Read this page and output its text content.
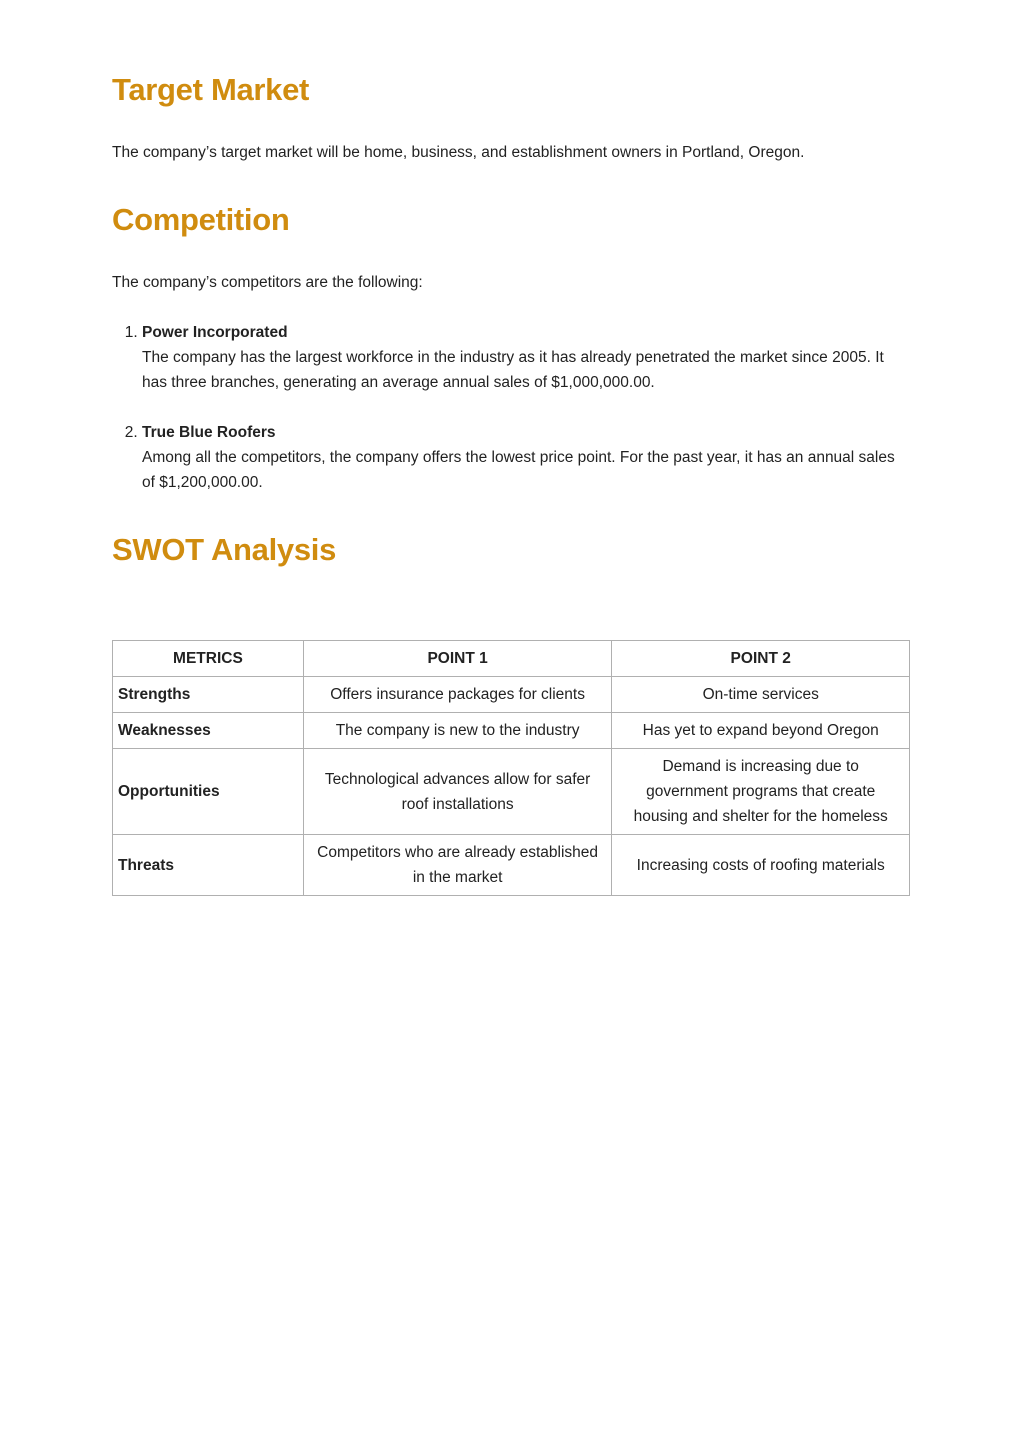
Target Market

The company’s target market will be home, business, and establishment owners in Portland, Oregon.

Competition

The company’s competitors are the following:

1. Power Incorporated
The company has the largest workforce in the industry as it has already penetrated the market since 2005. It has three branches, generating an average annual sales of $1,000,000.00.
2. True Blue Roofers
Among all the competitors, the company offers the lowest price point. For the past year, it has an annual sales of $1,200,000.00.
SWOT Analysis
METRICS	POINT 1	POINT 2
Strengths	Offers insurance packages for clients	On-time services
Weaknesses	The company is new to the industry	Has yet to expand beyond Oregon
Opportunities	Technological advances allow for safer roof installations	Demand is increasing due to government programs that create housing and shelter for the homeless
Threats	Competitors who are already established in the market	Increasing costs of roofing materials
